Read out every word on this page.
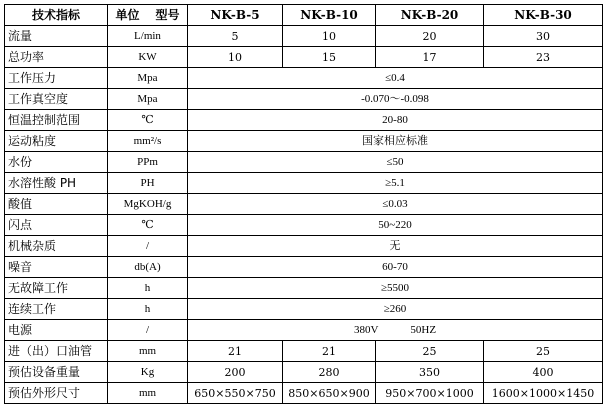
技术指标	单位 型号	NK-B-5	NK-B-10	NK-B-20	NK-B-30
流量	L/min	5	10	20	30
总功率	KW	10	15	17	23
工作压力	Mpa	≤0.4			
工作真空度	Mpa	-0.070～-0.098			
恒温控制范围	℃	20-80			
运动粘度	mm²/s	国家相应标准			
水份	PPm	≤50			
水溶性酸 PH	PH	≥5.1			
酸值	MgKOH/g	≤0.03			
闪点	℃	50~220			
机械杂质	/	无			
噪音	db(A)	60-70			
无故障工作	h	≥5500			
连续工作	h	≥260			
电源	/	380V 50HZ			
进（出）口油管	mm	21	21	25	25
预估设备重量	Kg	200	280	350	400
预估外形尺寸	mm	650×550×750	850×650×900	950×700×1000	1600×1000×1450
